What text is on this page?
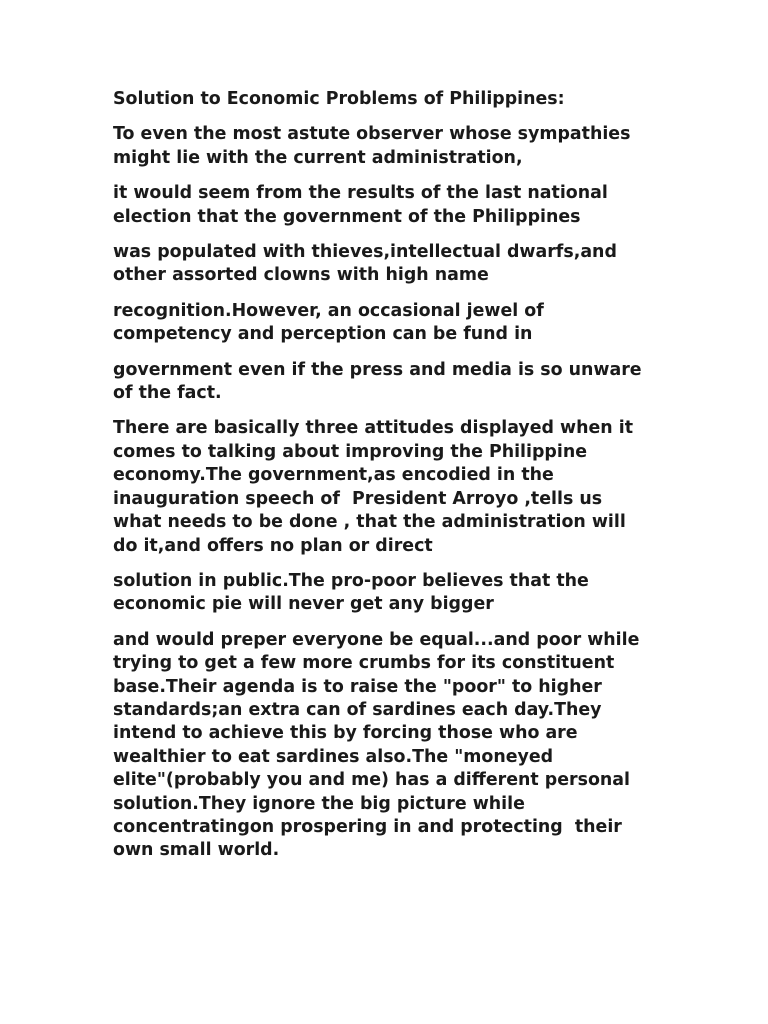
Solution to Economic Problems of Philippines:
To even the most astute observer whose sympathies
might lie with the current administration,
it would seem from the results of the last national
election that the government of the Philippines
was populated with thieves,intellectual dwarfs,and
other assorted clowns with high name
recognition.However, an occasional jewel of
competency and perception can be fund in
government even if the press and media is so unware
of the fact.
There are basically three attitudes displayed when it
comes to talking about improving the Philippine
economy.The government,as encodied in the
inauguration speech of  President Arroyo ,tells us
what needs to be done , that the administration will
do it,and offers no plan or direct
solution in public.The pro-poor believes that the
economic pie will never get any bigger
and would preper everyone be equal...and poor while
trying to get a few more crumbs for its constituent
base.Their agenda is to raise the "poor" to higher
standards;an extra can of sardines each day.They
intend to achieve this by forcing those who are
wealthier to eat sardines also.The "moneyed
elite"(probably you and me) has a different personal
solution.They ignore the big picture while
concentratingon prospering in and protecting  their
own small world.
